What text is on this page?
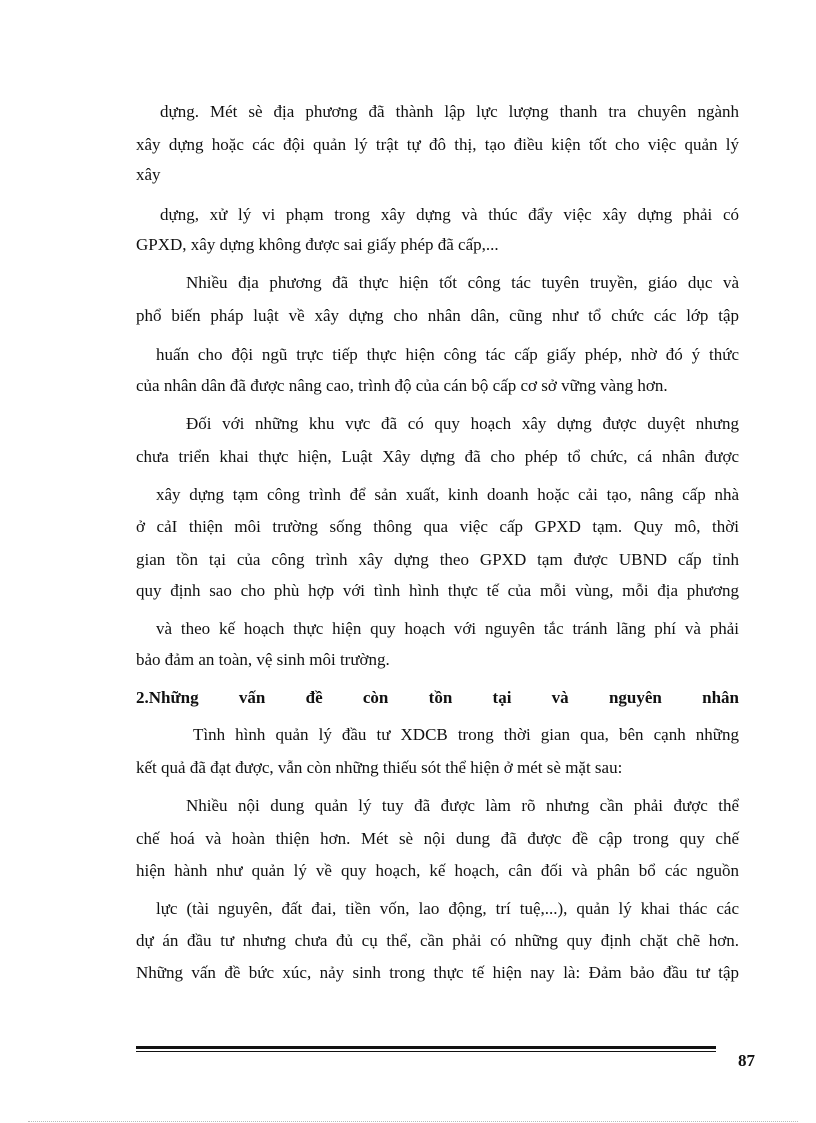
dựng. Mét sè địa phương đã thành lập lực lượng thanh tra chuyên ngành
xây dựng hoặc các đội quản lý trật tự đô thị, tạo điều kiện tốt cho việc quản lý
xây
dựng, xử lý vi phạm trong xây dựng và thúc đẩy việc xây dựng phải có
GPXD, xây dựng không được sai giấy phép đã cấp,...
Nhiều địa phương đã thực hiện tốt công tác tuyên truyền, giáo dục và
phổ biến pháp luật về xây dựng cho nhân dân, cũng như tổ chức các lớp tập
huấn cho đội ngũ trực tiếp thực hiện công tác cấp giấy phép, nhờ đó ý thức
của nhân dân đã được nâng cao, trình độ của cán bộ cấp cơ sở vững vàng hơn.
Đối với những khu vực đã có quy hoạch xây dựng được duyệt nhưng
chưa triển khai thực hiện, Luật Xây dựng đã cho phép tổ chức, cá nhân được
xây dựng tạm công trình để sản xuất, kinh doanh hoặc cải tạo, nâng cấp nhà
ở cảI thiện môi trường sống thông qua việc cấp GPXD tạm. Quy mô, thời
gian tồn tại của công trình xây dựng theo GPXD tạm được UBND cấp tỉnh
quy định sao cho phù hợp với tình hình thực tế của mỗi vùng, mỗi địa phương
và theo kế hoạch thực hiện quy hoạch với nguyên tắc tránh lãng phí và phải
bảo đảm an toàn, vệ sinh môi trường.
2.Những vấn đề còn tồn tại và nguyên nhân
Tình hình quản lý đầu tư XDCB trong thời gian qua, bên cạnh những
kết quả đã đạt được, vẫn còn những thiếu sót thể hiện ở mét sè mặt sau:
Nhiều nội dung quản lý tuy đã được làm rõ nhưng cần phải được thể
chế hoá và hoàn thiện hơn. Mét sè nội dung đã được đề cập trong quy chế
hiện hành như quản lý về quy hoạch, kế hoạch, cân đối và phân bổ các nguồn
lực (tài nguyên, đất đai, tiền vốn, lao động, trí tuệ,...), quản lý khai thác các
dự án đầu tư nhưng chưa đủ cụ thể, cần phải có những quy định chặt chẽ hơn.
Những vấn đề bức xúc, nảy sinh trong thực tế hiện nay là: Đảm bảo đầu tư tập
87
